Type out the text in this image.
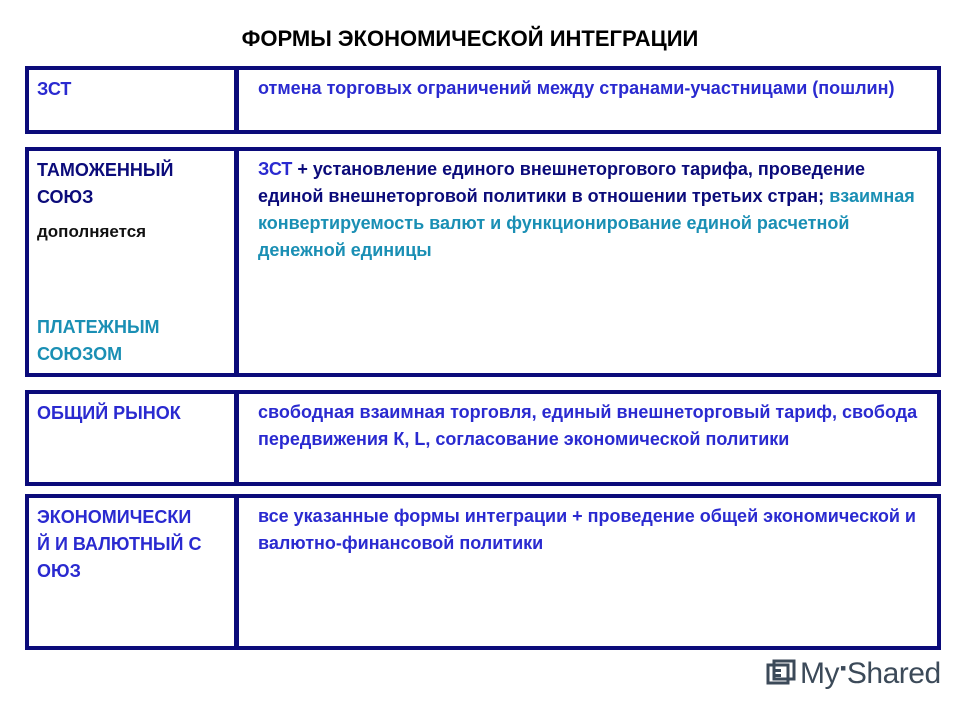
ФОРМЫ ЭКОНОМИЧЕСКОЙ ИНТЕГРАЦИИ
ЗСТ	отмена торговых ограничений между странами-участницами (пошлин)
ТАМОЖЕННЫЙ СОЮЗ
дополняется
ПЛАТЕЖНЫМ СОЮЗОМ
ЗСТ + установление единого внешнеторгового тарифа, проведение единой внешнеторговой политики в отношении третьих стран; взаимная конвертируемость валют и функционирование единой расчетной денежной единицы
ОБЩИЙ РЫНОК	свободная взаимная торговля, единый внешнеторговый тариф, свобода передвижения К, L, согласование экономической политики
ЭКОНОМИЧЕСКИЙ И ВАЛЮТНЫЙ СОЮЗ
все указанные формы интеграции + проведение общей экономической и валютно-финансовой политики
My▪Shared
